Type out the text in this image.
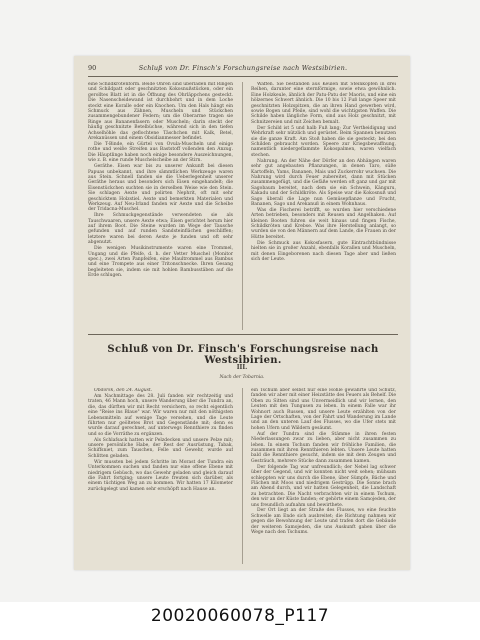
90	Schluß von Dr. Finsch's Forschungsreise nach Westsibirien.

eine Schildkrötenform. Beide Ohren sind überladen mit Ringen und Schildpatt oder geschnitzten Kokosnußstücken, oder ein gerolltes Blatt ist in die Öffnung des Ohrläppchens gesteckt. Die Nasenscheidewand ist durchbohrt und in dem Loche steckt eine Koralle oder ein Knochen. Um den Hals hängt ein Schmuck aus Zähnen, Muscheln und Stückchen zusammengebundener Federn; um die Oberarme tragen sie Ringe aus Bananenfasern oder Muscheln; darin steckt der häufig geschnitzte Betelbüchse, während sich in den tiefen Achselhöhle das geflochtene Täschchen mit Kalk, Betel, Arekanüssen und einem Obsidianmesser befindet.

Die T-Binde, ein Gürtel von Ovula-Muscheln und einige rothe und weiße Streifen aus Baststoff vollenden den Anzug. Die Häuptlinge haben noch einige besondere Auszeichnungen, wie z. B. eine runde Muschelscheibe an der Stirn.

Geräthe. Eisen war bis zu unserer Ankunft bei diesen Papuas unbekannt, und ihre sämmtlichen Werkzeuge waren aus Stein. Schnell fanden sie die Ueberlegenheit unserer Geräthe heraus und besonders sich Eisen eingehandelt; die Eisenstückchen suchten sie in derselben Weise wie den Stein. Sie schlagen Aexte und polirten Nephrit, oft mit sehr geschicktem Holzstiel. Aexte und bemerkten Materialen und Werkzeug. Auf Neu-Irland fanden wir Aexte und die Scheibe der Tridacna-Muschel.

Ihre Schmuckgegenstände verwendeten sie als Tauschwaaren, unsere Aexte etwa; Eisen gerichtet herum hier auf ihrem Boot. Die Steine wurden im Wege der Tausche gefunden und auf runden Sandsteinflächen geschliffen; letztere waren bei deren Aexte je funden und oft sehr abgenutzt.

Die wenigen Musikinstrumente waren eine Trommel, Ungang und die Pfeife, d. h. der Vetter Muschel (Monitor spec.), zwei Arten Panpfeifen, eine Maultrommel aus Bambus und eine Trompete aus einer Tritonschnecke. Ihren Gesang begleiteten sie, indem sie mit hohlen Bambusstäben auf die Erde schlugen.

Waffen. Sie bestanden aus Keulen mit Steinköpfen in drei Reihen, darunter eine sternförmige, sowie etwa gewöhnlich. Eine Holzkeule, ähnlich der Patu-Patu der Maoris, und eine ein hölzernes Schwert ähnlich. Die 10 bis 12 Fuß lange Speer mit geschnitzten Holzspitzen, die an ihren Hand gewerben wird, sowie Bogen und Pfeile, sind wohl die wichtigsten Waffen. Die Schilde haben längliche Form, sind aus Holz geschnitzt, mit Schnitzereien und mit Zeichen bemalt.

Der Schild ist 5 und halb Fuß lang; Zur Vertheidigung und Wehrkraft sehr nützlich und gerüstet. Beim Spannen benutzen sie die ganze Kraft. Am Stoß haben die sie gesteckt; bei den Schilden gebraucht worden. Speere zur Kriegsbewaffnung, namentlich niedergeflammte Kokospalmen, waren vielfach stechen.

Nahrung. An der Nähe der Dörfer an den Abhängen waren sehr gut angebauten Pflanzungen, in denen Taro, süße Kartoffeln, Yams, Bananen, Mais und Zuckerrohr wuchsen. Die Nahrung wird durch Feuer zubereitet, dann mit Stücken zusammengefügt, und die Gefäße werden oft ganz und gar mit Sagobaum bereitet, nach dem sie ein Schwein, Känguru, Kakadu und der Schildkröte. Als Speise war die Kokosnuß und Sago überall die Lage nun Gemüsepflanze und Frucht, Bananen, Sago und Arekanuß in einem Wohnhaus.

Was die Fischerei betrifft, so wurden hier verschiedene Arten betrieben, besonders mit Reusen und Angelhaken. Auf kleinen Booten fuhren sie weit hinaus und fingen Fische, Schildkröten und Krebse. Was ihre Herstellung anlangt, so wurden sie von den Männern auf dem Lande, die Frauen in der Hütte bereitet.

Die Schmuck aus Kokosfasern, gute Eintrachtbündnisse hielten sie in großer Anzahl, ebenfalls Korallen und Muscheln, mit denen Eingeborenen nach diesen Tage aber und ließen sich der Leute.

Schluß von Dr. Finsch's Forschungsreise nach Westsibirien.
III.
Nach der Tobarnia.

Obdorsk, den 24. August.

Am Nachmittage des 28. Juli fanden wir rechtzeitig und traten, 46 Mann hoch, unsere Wanderung über die Tundra an, die, das dürften wir mit Recht versichern, so recht eigentlich eine "Reise ins Blaue" war. Wir waren nur mit den nöthigsten Lebensmitteln auf wenige Tage versehen, und die Leute führten nur geöltetes Brot und Gegenstände mit; denn es wurde darauf gerechnet, auf unterwegs Rennthiere zu finden und so die Vorräthe zu ergänzen.

Als Schlafsack hatten wir Pelzdecken und unsere Pelze mit; unsere persönliche Habe, der Rest der Ausrüstung, Tabak, Schiffsniet, zum Tauschen, Felle und Gewehr, wurde auf Schlitten geladen.

Wir mussten bei jedem Schritte im Morast der Tundra ein Unterkommen suchen und fanden nur eine offene Ebene mit niedrigem Gebüsch, wo das Gewehr geladen und gleich darauf die Fahrt fortging; unsere Leute freuten sich darüber, als einem tüchtigen Weg an zu kommen. Wir hatten 17 Kilometer zurückgelegt und kamen sehr erschöpft nach Hause an.

ein Tschum aber selbst nur eine Höhle gewährte und Schutz, fanden wir aber mit einer Heizstätte des Feuers als Behelf. Die Oben zu Sitten sind uns Unvermeidlich und wir lernen, den Leuten mit den Tungusen zu leben. In einem Falle war ihr Wohnort auch Russen, und unsere Leute erzählten von der Lage der Ortschaften, von der Fahrt und Wanderung im Lande und an den unteren Lauf des Flusses, wo die Ufer stets mit hohen Ufern und Wäldern gesäumt.

Auf der Tundra sind die Stämme in ihren festen Niederlassungen zwar zu lieben, aber nicht zusammen zu leben. In einem Tschum fanden wir fröhliche Familien, die zusammen mit ihren Rennthieren lebten. Unsere Leute hatten bald die Rennthiere gesucht, indem sie mit dem Zeugen und Gesträuch, mehrere Stücke dann zusammen kamen.

Der folgende Tag war unfreundlich; der Nebel lag schwer über der Gegend, und wir konnten nicht weit sehen; mühsam schleppten wir uns durch die Ebene, über Sümpfe, Bäche und Flächen mit Moos und niedrigem Gestrüpp. Die Sonne brach am Abend durch, und wir hatten Gelegenheit, die Landschaft zu betrachten. Die Nacht verbrachten wir in einem Tschum, den wir an der Küste fanden; er gehörte einem Samojeden, der uns freundlich aufnahm und bewirthete.

Der Ort liegt an der Straße des Flusses, wo eine feuchte Schwelle am Ende sich ausbreitet; die Richtung nahmen wir gegen die Bewohnung der Leute und trafen dort die Gebäude der weiteren Samojeden, die uns Auskunft gaben über die Wege nach den Tschums.

20020060078_P117
